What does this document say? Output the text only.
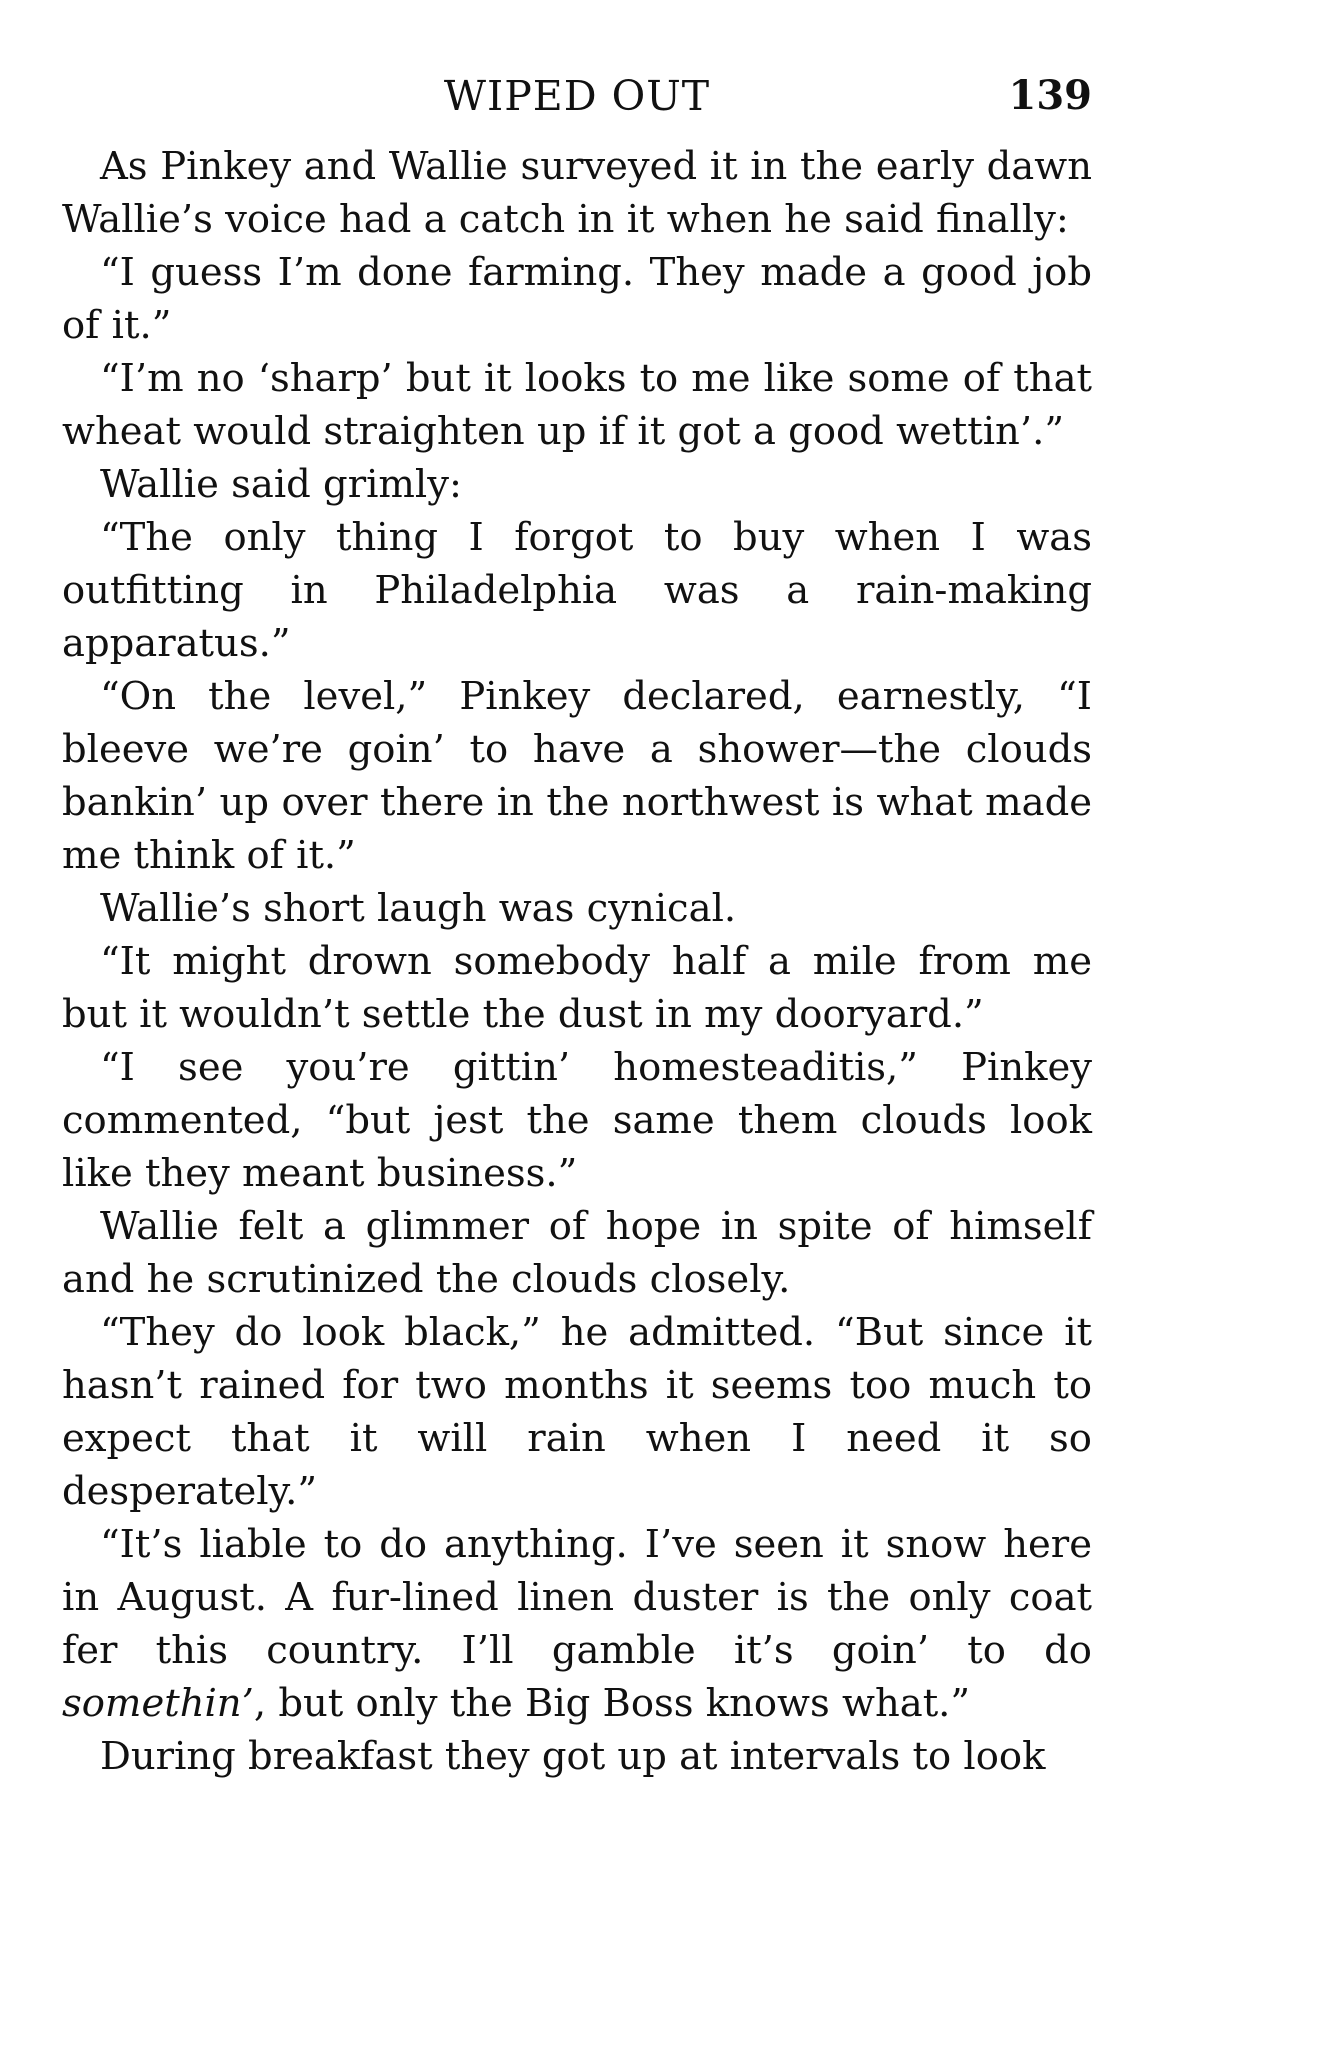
WIPED OUT	139

As Pinkey and Wallie surveyed it in the early dawn Wallie’s voice had a catch in it when he said finally:

“I guess I’m done farming. They made a good job of it.”

“I’m no ‘sharp’ but it looks to me like some of that wheat would straighten up if it got a good wettin’.”

Wallie said grimly:

“The only thing I forgot to buy when I was outfitting in Philadelphia was a rain-making apparatus.”

“On the level,” Pinkey declared, earnestly, “I bleeve we’re goin’ to have a shower—the clouds bankin’ up over there in the northwest is what made me think of it.”

Wallie’s short laugh was cynical.

“It might drown somebody half a mile from me but it wouldn’t settle the dust in my dooryard.”

“I see you’re gittin’ homesteaditis,” Pinkey commented, “but jest the same them clouds look like they meant business.”

Wallie felt a glimmer of hope in spite of himself and he scrutinized the clouds closely.

“They do look black,” he admitted. “But since it hasn’t rained for two months it seems too much to expect that it will rain when I need it so desperately.”

“It’s liable to do anything. I’ve seen it snow here in August. A fur-lined linen duster is the only coat fer this country. I’ll gamble it’s goin’ to do somethin’, but only the Big Boss knows what.”

During breakfast they got up at intervals to look
